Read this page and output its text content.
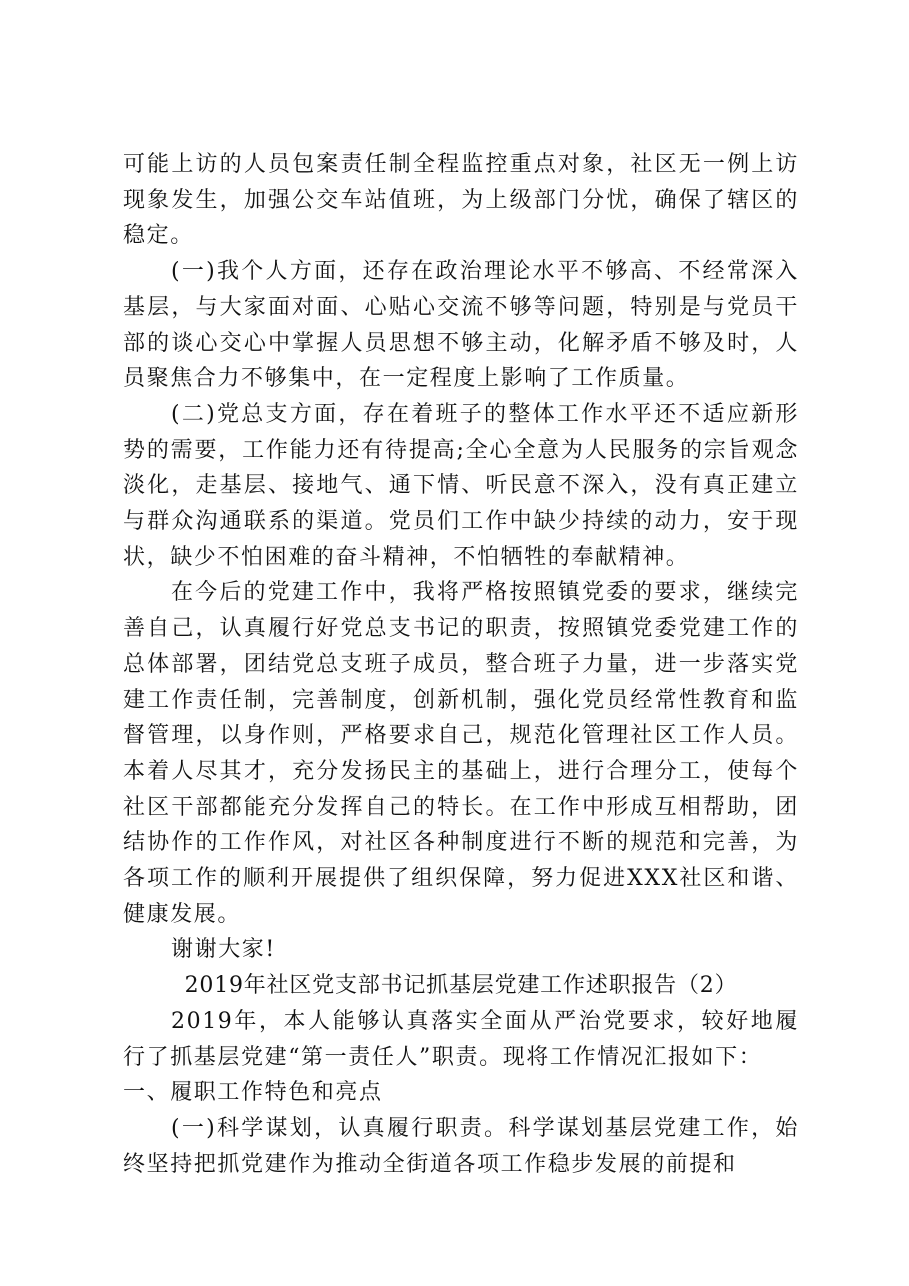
可能上访的人员包案责任制全程监控重点对象，社区无一例上访现象发生，加强公交车站值班，为上级部门分忧，确保了辖区的稳定。

(一)我个人方面，还存在政治理论水平不够高、不经常深入基层，与大家面对面、心贴心交流不够等问题，特别是与党员干部的谈心交心中掌握人员思想不够主动，化解矛盾不够及时，人员聚焦合力不够集中，在一定程度上影响了工作质量。

(二)党总支方面，存在着班子的整体工作水平还不适应新形势的需要，工作能力还有待提高;全心全意为人民服务的宗旨观念淡化，走基层、接地气、通下情、听民意不深入，没有真正建立与群众沟通联系的渠道。党员们工作中缺少持续的动力，安于现状，缺少不怕困难的奋斗精神，不怕牺牲的奉献精神。

在今后的党建工作中，我将严格按照镇党委的要求，继续完善自己，认真履行好党总支书记的职责，按照镇党委党建工作的总体部署，团结党总支班子成员，整合班子力量，进一步落实党建工作责任制，完善制度，创新机制，强化党员经常性教育和监督管理，以身作则，严格要求自己，规范化管理社区工作人员。本着人尽其才，充分发扬民主的基础上，进行合理分工，使每个社区干部都能充分发挥自己的特长。在工作中形成互相帮助，团结协作的工作作风，对社区各种制度进行不断的规范和完善，为各项工作的顺利开展提供了组织保障，努力促进XXX社区和谐、健康发展。

谢谢大家!

2019年社区党支部书记抓基层党建工作述职报告（2）

2019年，本人能够认真落实全面从严治党要求，较好地履行了抓基层党建“第一责任人”职责。现将工作情况汇报如下：

一、履职工作特色和亮点

(一)科学谋划，认真履行职责。科学谋划基层党建工作，始终坚持把抓党建作为推动全街道各项工作稳步发展的前提和
